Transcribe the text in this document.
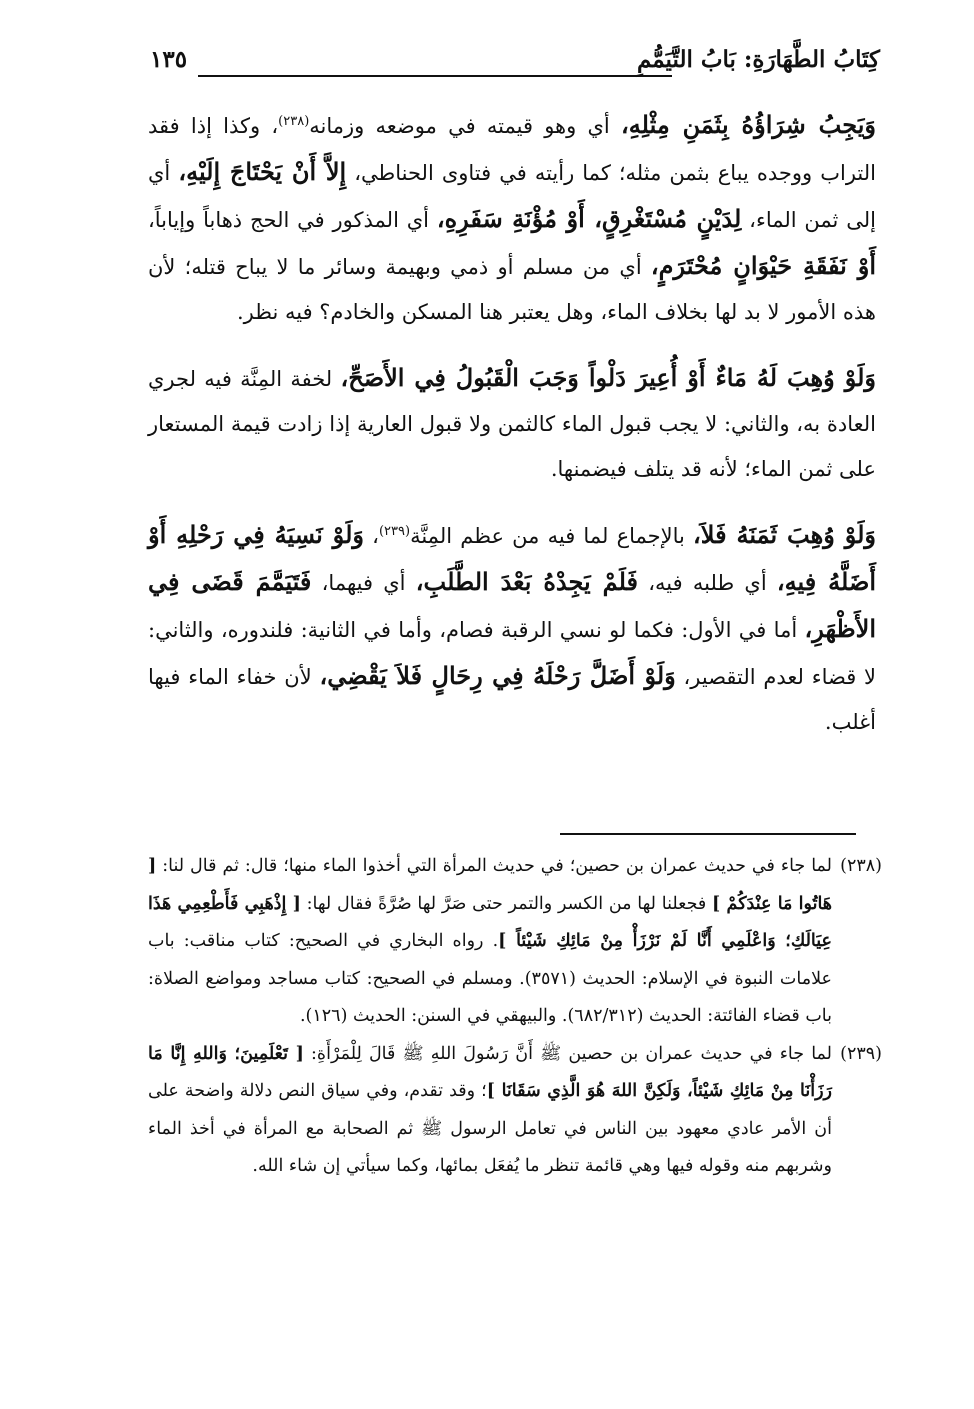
كِتَابُ الطَّهَارَةِ: بَابُ التَّيَمُّمِ
١٣٥

وَيَجِبُ شِرَاؤُهُ بِثَمَنِ مِثْلِهِ، أي وهو قيمته في موضعه وزمانه$^{(٢٣٨)}$، وكذا إذا فقد التراب ووجده يباع بثمن مثله؛ كما رأيته في فتاوى الحناطي، إِلاَّ أَنْ يَحْتَاجَ إِلَيْهِ، أي إلى ثمن الماء، لِدَيْنٍ مُسْتَغْرِقٍ، أَوْ مُؤْنَةِ سَفَرِهِ، أي المذكور في الحج ذهاباً وإياباً، أَوْ نَفَقَةِ حَيْوَانٍ مُحْتَرَمٍ، أي من مسلم أو ذمي وبهيمة وسائر ما لا يباح قتله؛ لأن هذه الأمور لا بد لها بخلاف الماء، وهل يعتبر هنا المسكن والخادم؟ فيه نظر.

وَلَوْ وُهِبَ لَهُ مَاءٌ أَوْ أُعِيرَ دَلْواً وَجَبَ الْقَبُولُ فِي الأَصَحِّ، لخفة المِنَّة فيه لجري العادة به، والثاني: لا يجب قبول الماء كالثمن ولا قبول العارية إذا زادت قيمة المستعار على ثمن الماء؛ لأنه قد يتلف فيضمنها.

وَلَوْ وُهِبَ ثَمَنَهُ فَلاَ، بالإجماع لما فيه من عظم المِنَّة$^{(٢٣٩)}$، وَلَوْ نَسِيَهُ فِي رَحْلِهِ أَوْ أَضَلَّهُ فِيهِ، أي طلبه فيه، فَلَمْ يَجِدْهُ بَعْدَ الطَّلَبِ، أي فيهما، فَتَيَمَّمَ قَضَى فِي الأَظْهَرِ، أما في الأول: فكما لو نسي الرقبة فصام، وأما في الثانية: فلندوره، والثاني: لا قضاء لعدم التقصير، وَلَوْ أَضَلَّ رَحْلَهُ فِي رِحَالٍ فَلاَ يَقْضِي، لأن خفاء الماء فيها أغلب.

(٢٣٨)
لما جاء في حديث عمران بن حصين؛ في حديث المرأة التي أخذوا الماء منها؛ قال: ثم قال لنا: [ هَاتُوا مَا عِنْدَكُمْ ] فجعلنا لها من الكسر والتمر حتى صَرَّ لها صُرَّةً فقال لها: [ إِذْهَبِي فَأَطْعِمِي هَذَا عِيَالَكِ؛ وَاعْلَمِي أَنَّا لَمْ نَرْزَأْ مِنْ مَائِكِ شَيْئاً ]. رواه البخاري في الصحيح: كتاب مناقب: باب علامات النبوة في الإسلام: الحديث (٣٥٧١). ومسلم في الصحيح: كتاب مساجد ومواضع الصلاة: باب قضاء الفائتة: الحديث (٦٨٢/٣١٢). والبيهقي في السنن: الحديث (١٢٦).

(٢٣٩)
لما جاء في حديث عمران بن حصين ﷺ أَنَّ رَسُولَ اللهِ ﷺ قَالَ لِلْمَرْأَةِ: [ تَعْلَمِينَ؛ وَاللهِ إِنَّا مَا رَزَأْنَا مِنْ مَائِكِ شَيْئاً، وَلَكِنَّ اللهَ هُوَ الَّذِي سَقَانَا ]؛ وقد تقدم، وفي سياق النص دلالة واضحة على أن الأمر عادي معهود بين الناس في تعامل الرسول ﷺ ثم الصحابة مع المرأة في أخذ الماء وشربهم منه وقوله فيها وهي قائمة تنظر ما يُفعَل بمائها، وكما سيأتي إن شاء الله.
